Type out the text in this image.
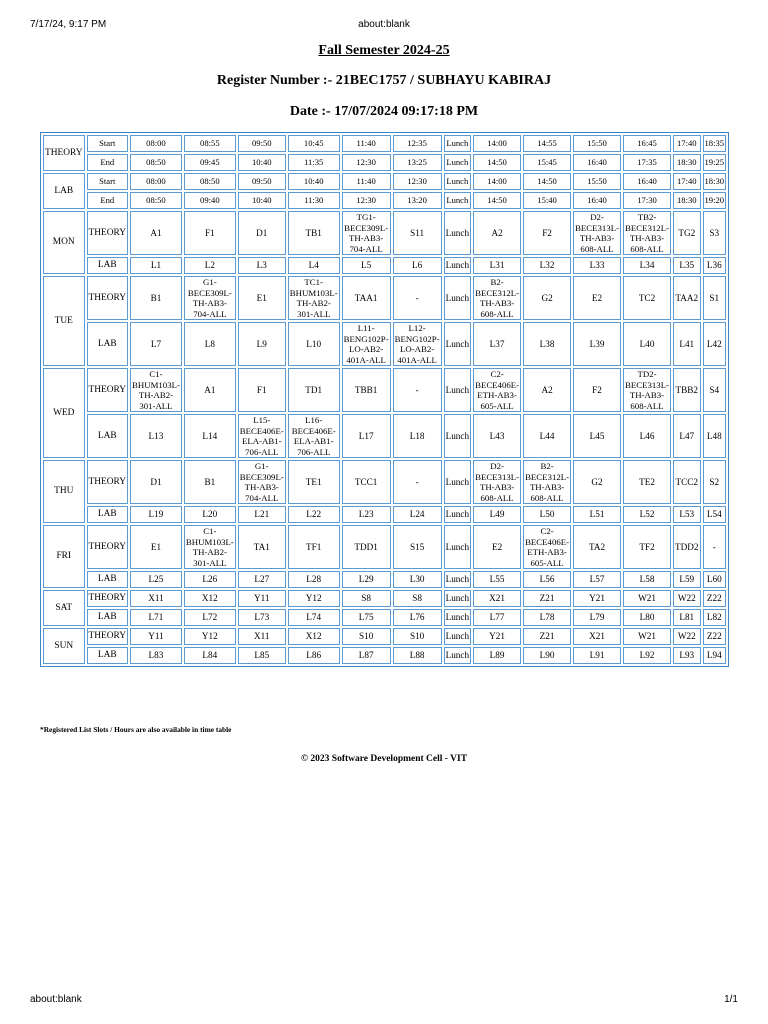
7/17/24, 9:17 PM	about:blank
Fall Semester 2024-25
Register Number :- 21BEC1757 / SUBHAYU KABIRAJ
Date :- 17/07/2024 09:17:18 PM
THEORY	Start	08:00	08:55	09:50	10:45	11:40	12:35	Lunch	14:00	14:55	15:50	16:45	17:40	18:35
	End	08:50	09:45	10:40	11:35	12:30	13:25	Lunch	14:50	15:45	16:40	17:35	18:30	19:25
LAB	Start	08:00	08:50	09:50	10:40	11:40	12:30	Lunch	14:00	14:50	15:50	16:40	17:40	18:30
	End	08:50	09:40	10:40	11:30	12:30	13:20	Lunch	14:50	15:40	16:40	17:30	18:30	19:20
MON	THEORY	A1	F1	D1	TB1	TG1-​BECE309L-​TH-​AB3-​704-​ALL	S11	Lunch	A2	F2	D2-​BECE313L-​TH-​AB3-​608-​ALL	TB2-​BECE312L-​TH-​AB3-​608-​ALL	TG2	S3
	LAB	L1	L2	L3	L4	L5	L6	Lunch	L31	L32	L33	L34	L35	L36
TUE	THEORY	B1	G1-​BECE309L-​TH-​AB3-​704-​ALL	E1	TC1-​BHUM103L-​TH-​AB2-​301-​ALL	TAA1	-	Lunch	B2-​BECE312L-​TH-​AB3-​608-​ALL	G2	E2	TC2	TAA2	S1
	LAB	L7	L8	L9	L10	L11-​BENG102P-​LO-​AB2-​401A-​ALL	L12-​BENG102P-​LO-​AB2-​401A-​ALL	Lunch	L37	L38	L39	L40	L41	L42
WED	THEORY	C1-​BHUM103L-​TH-​AB2-​301-​ALL	A1	F1	TD1	TBB1	-	Lunch	C2-​BECE406E-​ETH-​AB3-​605-​ALL	A2	F2	TD2-​BECE313L-​TH-​AB3-​608-​ALL	TBB2	S4
	LAB	L13	L14	L15-​BECE406E-​ELA-​AB1-​706-​ALL	L16-​BECE406E-​ELA-​AB1-​706-​ALL	L17	L18	Lunch	L43	L44	L45	L46	L47	L48
THU	THEORY	D1	B1	G1-​BECE309L-​TH-​AB3-​704-​ALL	TE1	TCC1	-	Lunch	D2-​BECE313L-​TH-​AB3-​608-​ALL	B2-​BECE312L-​TH-​AB3-​608-​ALL	G2	TE2	TCC2	S2
	LAB	L19	L20	L21	L22	L23	L24	Lunch	L49	L50	L51	L52	L53	L54
FRI	THEORY	E1	C1-​BHUM103L-​TH-​AB2-​301-​ALL	TA1	TF1	TDD1	S15	Lunch	E2	C2-​BECE406E-​ETH-​AB3-​605-​ALL	TA2	TF2	TDD2	-
	LAB	L25	L26	L27	L28	L29	L30	Lunch	L55	L56	L57	L58	L59	L60
SAT	THEORY	X11	X12	Y11	Y12	S8	S8	Lunch	X21	Z21	Y21	W21	W22	Z22
	LAB	L71	L72	L73	L74	L75	L76	Lunch	L77	L78	L79	L80	L81	L82
SUN	THEORY	Y11	Y12	X11	X12	S10	S10	Lunch	Y21	Z21	X21	W21	W22	Z22
	LAB	L83	L84	L85	L86	L87	L88	Lunch	L89	L90	L91	L92	L93	L94
*Registered List Slots / Hours are also available in time table
© 2023 Software Development Cell - VIT
about:blank	1/1
